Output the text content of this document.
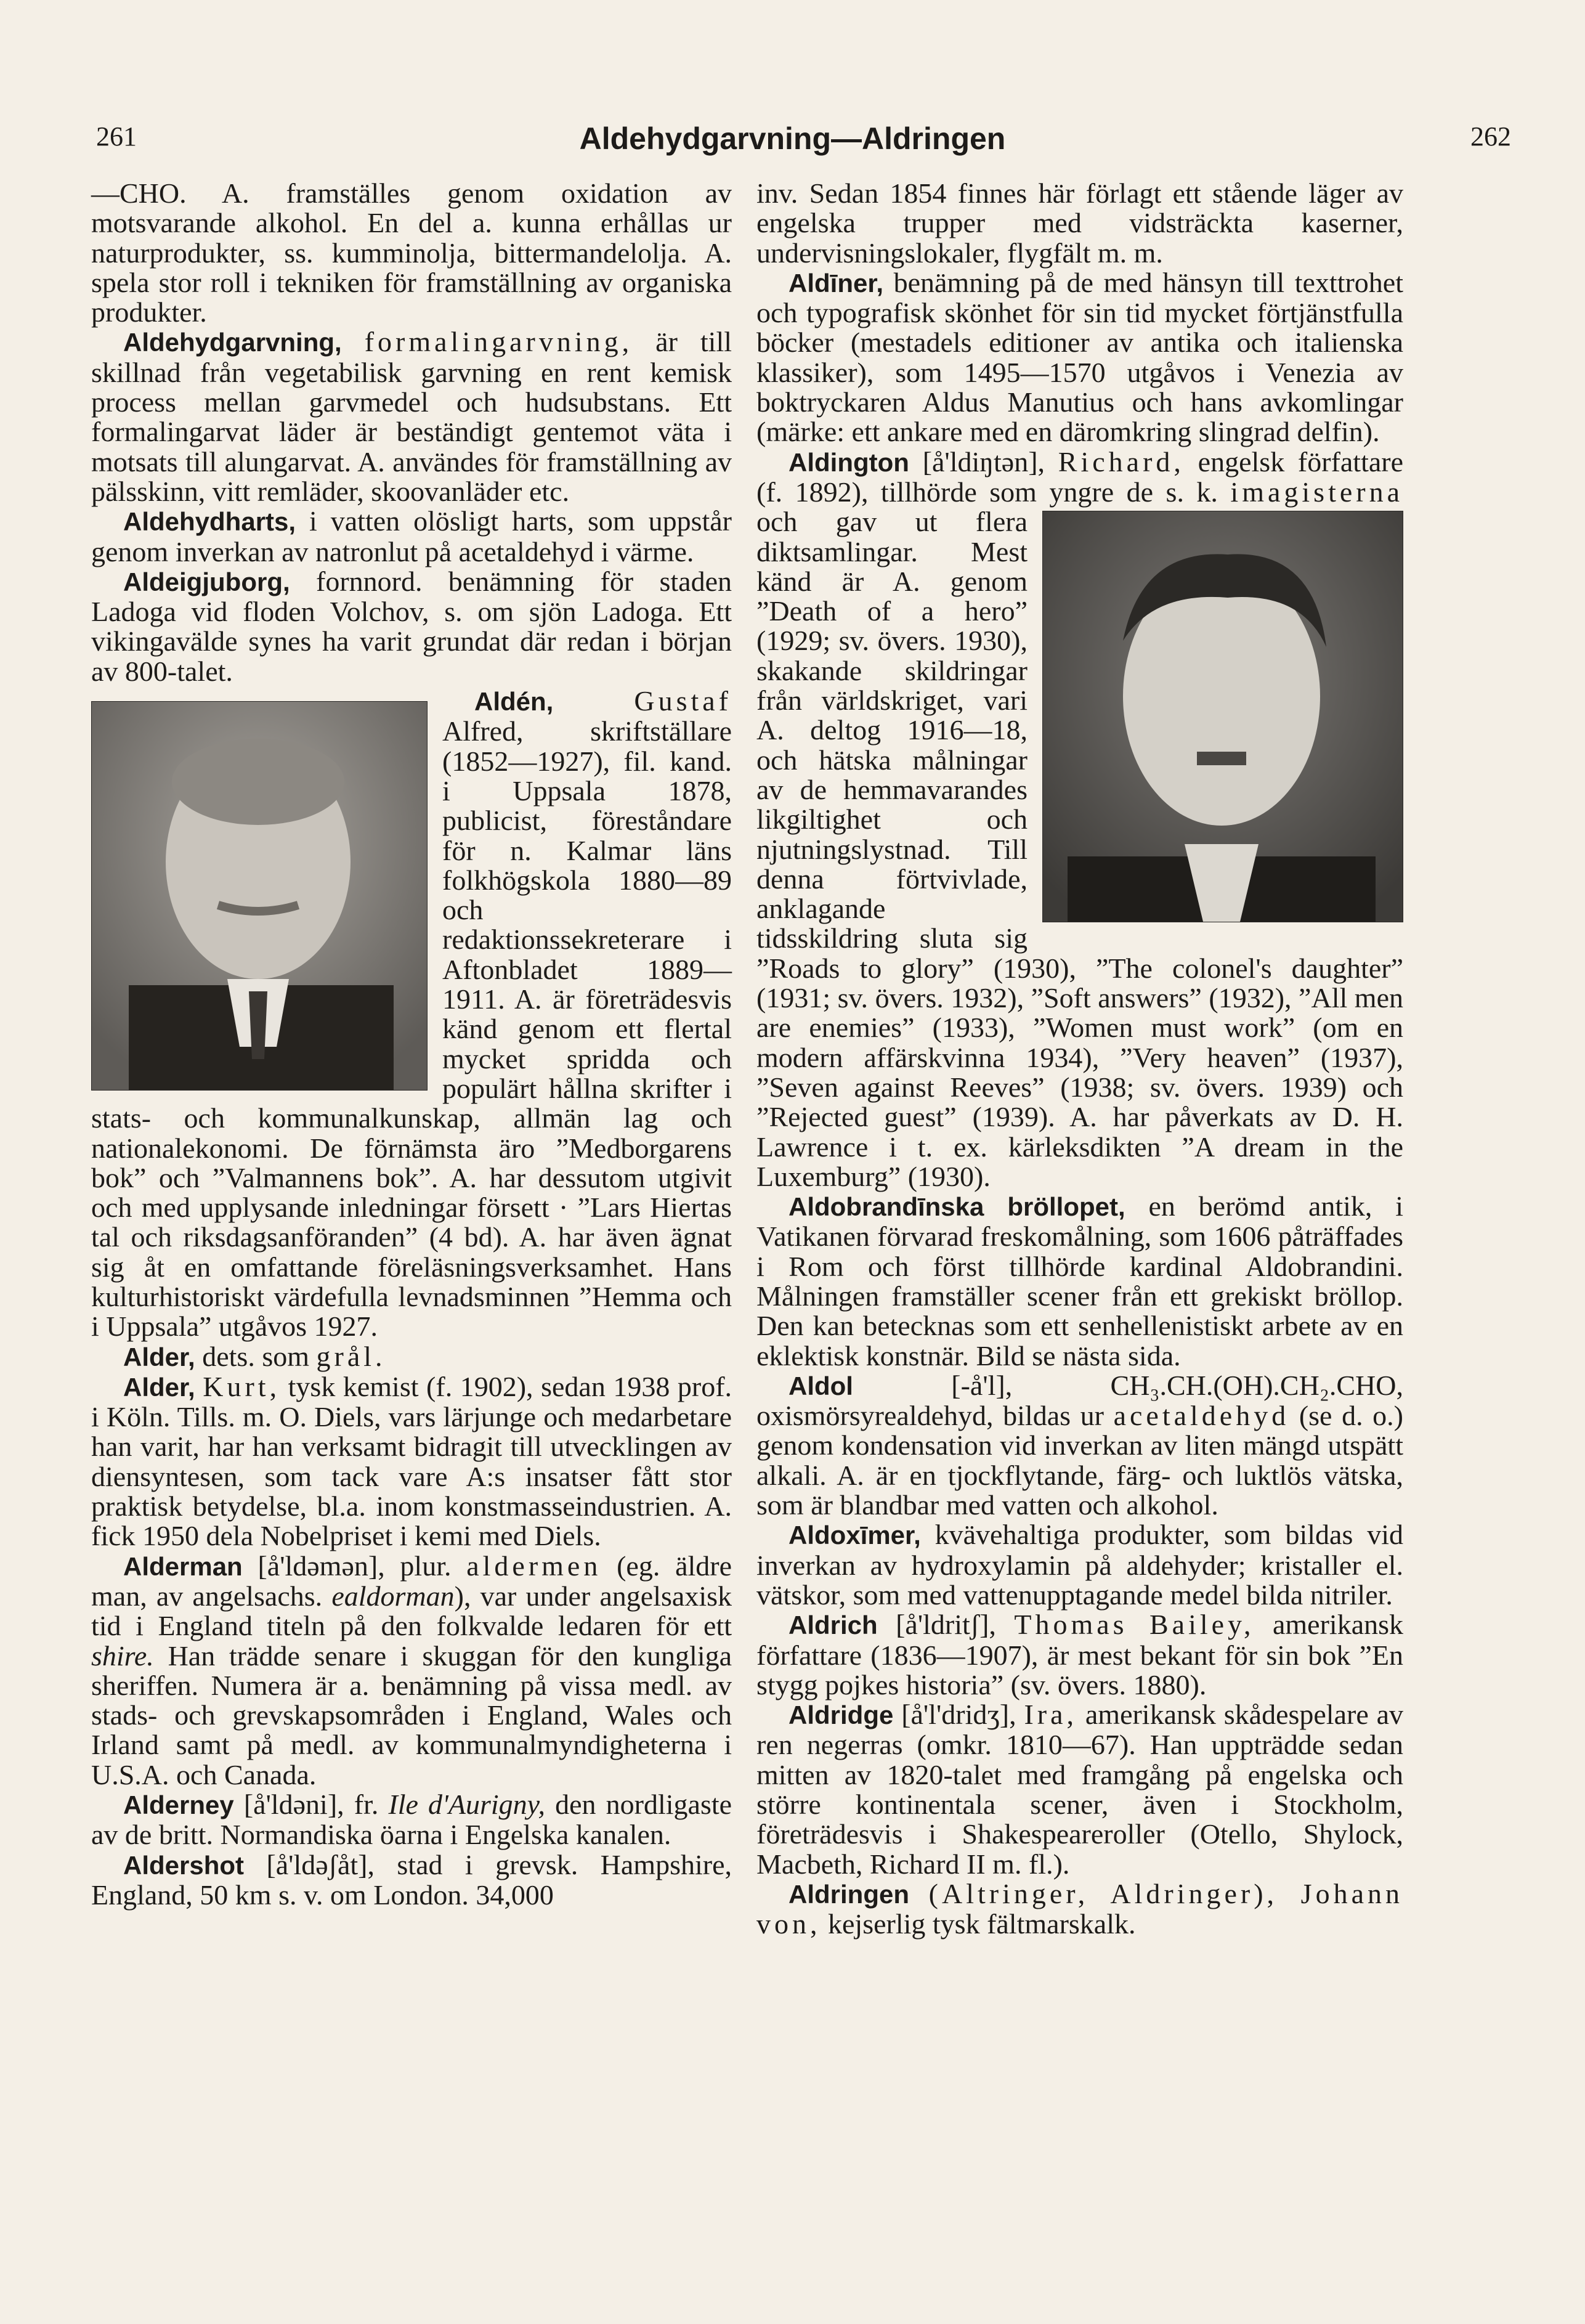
261	Aldehydgarvning—Aldringen	262

—CHO. A. framställes genom oxidation av motsvarande alkohol. En del a. kunna erhållas ur naturprodukter, ss. kumminolja, bittermandelolja. A. spela stor roll i tekniken för framställning av organiska produkter.

Aldehydgarvning, formalingarvning, är till skillnad från vegetabilisk garvning en rent kemisk process mellan garvmedel och hudsubstans. Ett formalingarvat läder är beständigt gentemot väta i motsats till alungarvat. A. användes för framställning av pälsskinn, vitt remläder, skoovanläder etc.

Aldehydharts, i vatten olösligt harts, som uppstår genom inverkan av natronlut på acetaldehyd i värme.

Aldeigjuborg, fornnord. benämning för staden Ladoga vid floden Volchov, s. om sjön Ladoga. Ett vikingavälde synes ha varit grundat där redan i början av 800-talet.

Aldén,	Gustaf
Alfred, skriftställare (1852—1927), fil. kand. i Uppsala 1878, publicist, föreståndare för n. Kalmar läns folkhögskola 1880—89 och redaktionssekreterare i Aftonbladet 1889—1911. A. är företrädesvis känd genom ett flertal mycket spridda och populärt hållna skrifter i stats- och kommunalkunskap, allmän lag och nationalekonomi. De förnämsta äro ”Medborgarens bok” och ”Valmannens bok”. A. har dessutom utgivit och med upplysande inledningar försett · ”Lars Hiertas tal och riksdagsanföranden” (4 bd). A. har även ägnat sig åt en omfattande föreläsningsverksamhet. Hans kulturhistoriskt värdefulla levnadsminnen ”Hemma och i Uppsala” utgåvos 1927.

Alder, dets. som grål.

Alder, Kurt, tysk kemist (f. 1902), sedan 1938 prof. i Köln. Tills. m. O. Diels, vars lärjunge och medarbetare han varit, har han verksamt bidragit till utvecklingen av diensyntesen, som tack vare A:s insatser fått stor praktisk betydelse, bl.a. inom konstmasseindustrien. A. fick 1950 dela Nobelpriset i kemi med Diels.

Alderman [å'ldəmən], plur. aldermen (eg. äldre man, av angelsachs. ealdorman), var under angelsaxisk tid i England titeln på den folkvalde ledaren för ett shire. Han trädde senare i skuggan för den kungliga sheriffen. Numera är a. benämning på vissa medl. av stads- och grevskapsområden i England, Wales och Irland samt på medl. av kommunalmyndigheterna i U.S.A. och Canada.

Alderney [å'ldəni], fr. Ile d'Aurigny, den nordligaste av de britt. Normandiska öarna i Engelska kanalen.

Aldershot [å'ldəʃåt], stad i grevsk. Hampshire, England, 50 km s. v. om London. 34,000

inv. Sedan 1854 finnes här förlagt ett stående läger av engelska trupper med vidsträckta kaserner, undervisningslokaler, flygfält m. m.

Aldīner, benämning på de med hänsyn till texttrohet och typografisk skönhet för sin tid mycket förtjänstfulla böcker (mestadels editioner av antika och italienska klassiker), som 1495—1570 utgåvos i Venezia av boktryckaren Aldus Manutius och hans avkomlingar (märke: ett ankare med en däromkring slingrad delfin).

Aldington [å'ldiŋtən], Richard, engelsk författare (f. 1892), tillhörde som yngre de s. k. imagisterna
och gav ut flera diktsamlingar. Mest känd är A. genom ”Death of a hero” (1929; sv. övers. 1930), skakande skildringar från världskriget, vari A. deltog 1916—18, och hätska målningar av de hemmavarandes likgiltighet och njutningslystnad. Till denna förtvivlade, anklagande tidsskildring sluta sig ”Roads to glory” (1930), ”The colonel's daughter” (1931; sv. övers. 1932), ”Soft answers” (1932), ”All men are enemies” (1933), ”Women must work” (om en modern affärskvinna 1934), ”Very heaven” (1937), ”Seven against Reeves” (1938; sv. övers. 1939) och ”Rejected guest” (1939). A. har påverkats av D. H. Lawrence i t. ex. kärleksdikten ”A dream in the Luxemburg” (1930).

Aldobrandīnska bröllopet, en berömd antik, i Vatikanen förvarad freskomålning, som 1606 påträffades i Rom och först tillhörde kardinal Aldobrandini. Målningen framställer scener från ett grekiskt bröllop. Den kan betecknas som ett senhellenistiskt arbete av en eklektisk konstnär. Bild se nästa sida.

Aldol	[-å'l], CH₃.CH.(OH).CH₂.CHO, oxismörsyrealdehyd, bildas ur acetaldehyd (se d. o.) genom kondensation vid inverkan av liten mängd utspätt alkali. A. är en tjockflytande, färg- och luktlös vätska, som är blandbar med vatten och alkohol.

Aldoxīmer, kvävehaltiga produkter, som bildas vid inverkan av hydroxylamin på aldehyder; kristaller el. vätskor, som med vattenupptagande medel bilda nitriler.

Aldrich [å'ldritʃ], Thomas Bailey, amerikansk författare (1836—1907), är mest bekant för sin bok ”En stygg pojkes historia” (sv. övers. 1880).

Aldridge [å'l'dridʒ], Ira, amerikansk skådespelare av ren negerras (omkr. 1810—67). Han uppträdde sedan mitten av 1820-talet med framgång på engelska och större kontinentala scener, även i Stockholm, företrädesvis i Shakespeareroller (Otello, Shylock, Macbeth, Richard II m. fl.).

Aldringen (Altringer, Aldringer), Johann von, kejserlig tysk fältmarskalk.
